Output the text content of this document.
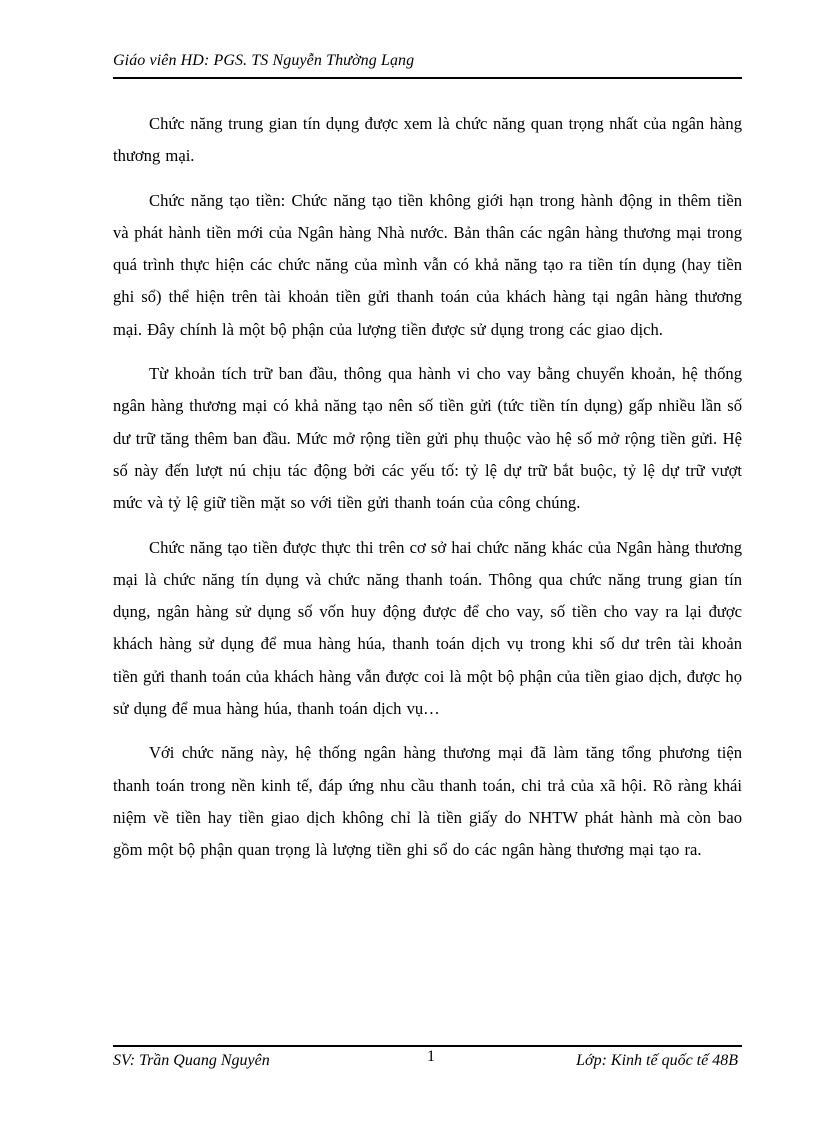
Giáo viên HD: PGS. TS Nguyễn Thường Lạng

Chức năng trung gian tín dụng được xem là chức năng quan trọng nhất của ngân hàng thương mại.

Chức năng tạo tiền: Chức năng tạo tiền không giới hạn trong hành động in thêm tiền và phát hành tiền mới của Ngân hàng Nhà nước. Bản thân các ngân hàng thương mại trong quá trình thực hiện các chức năng của mình vẫn có khả năng tạo ra tiền tín dụng (hay tiền ghi sổ) thể hiện trên tài khoản tiền gửi thanh toán của khách hàng tại ngân hàng thương mại. Đây chính là một bộ phận của lượng tiền được sử dụng trong các giao dịch.

Từ khoản tích trữ ban đầu, thông qua hành vi cho vay bằng chuyển khoản, hệ thống ngân hàng thương mại có khả năng tạo nên số tiền gửi (tức tiền tín dụng) gấp nhiều lần số dư trữ tăng thêm ban đầu. Mức mở rộng tiền gửi phụ thuộc vào hệ số mở rộng tiền gửi. Hệ số này đến lượt nú chịu tác động bởi các yếu tố: tỷ lệ dự trữ bắt buộc, tỷ lệ dự trữ vượt mức và tỷ lệ giữ tiền mặt so với tiền gửi thanh toán của công chúng.

Chức năng tạo tiền được thực thi trên cơ sở hai chức năng khác của Ngân hàng thương mại là chức năng tín dụng và chức năng thanh toán. Thông qua chức năng trung gian tín dụng, ngân hàng sử dụng số vốn huy động được để cho vay, số tiền cho vay ra lại được khách hàng sử dụng để mua hàng húa, thanh toán dịch vụ trong khi số dư trên tài khoản tiền gửi thanh toán của khách hàng vẫn được coi là một bộ phận của tiền giao dịch, được họ sử dụng để mua hàng húa, thanh toán dịch vụ…

Với chức năng này, hệ thống ngân hàng thương mại đã làm tăng tổng phương tiện thanh toán trong nền kinh tế, đáp ứng nhu cầu thanh toán, chi trả của xã hội. Rõ ràng khái niệm về tiền hay tiền giao dịch không chỉ là tiền giấy do NHTW phát hành mà còn bao gồm một bộ phận quan trọng là lượng tiền ghi sổ do các ngân hàng thương mại tạo ra.

SV: Trần Quang Nguyên	1	Lớp: Kinh tế quốc tế 48B
